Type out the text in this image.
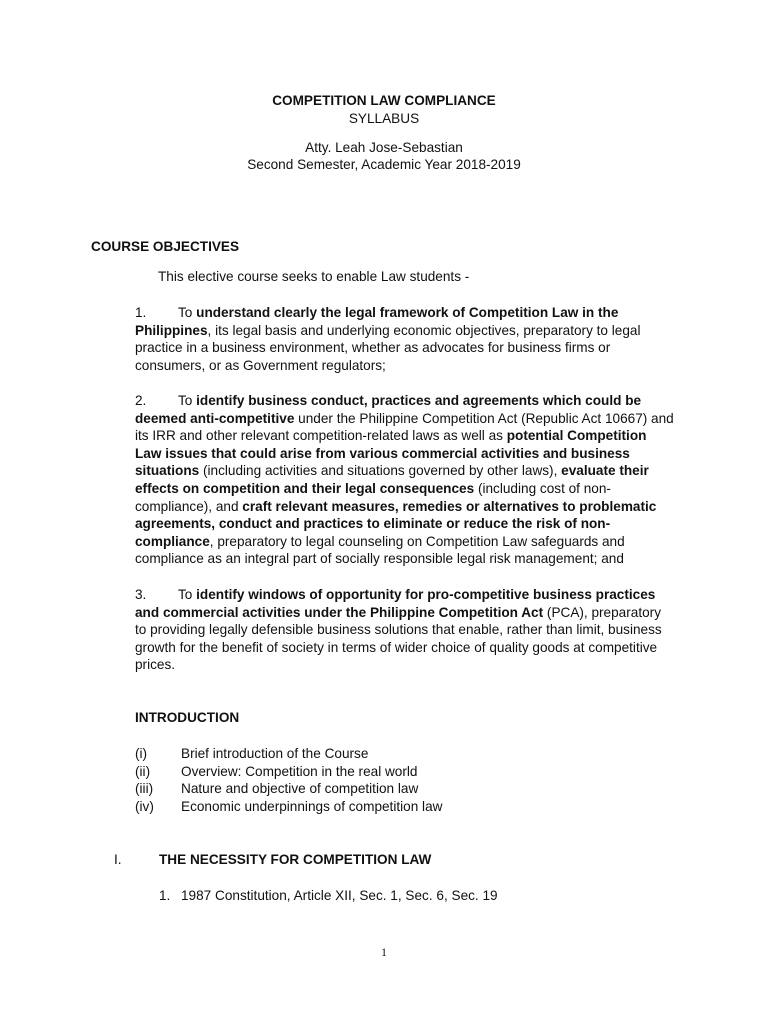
COMPETITION LAW COMPLIANCE
SYLLABUS
Atty. Leah Jose-Sebastian
Second Semester, Academic Year 2018-2019
COURSE OBJECTIVES
This elective course seeks to enable Law students -
1. To understand clearly the legal framework of Competition Law in the Philippines, its legal basis and underlying economic objectives, preparatory to legal practice in a business environment, whether as advocates for business firms or consumers, or as Government regulators;
2. To identify business conduct, practices and agreements which could be deemed anti-competitive under the Philippine Competition Act (Republic Act 10667) and its IRR and other relevant competition-related laws as well as potential Competition Law issues that could arise from various commercial activities and business situations (including activities and situations governed by other laws), evaluate their effects on competition and their legal consequences (including cost of non-compliance), and craft relevant measures, remedies or alternatives to problematic agreements, conduct and practices to eliminate or reduce the risk of non-compliance, preparatory to legal counseling on Competition Law safeguards and compliance as an integral part of socially responsible legal risk management; and
3. To identify windows of opportunity for pro-competitive business practices and commercial activities under the Philippine Competition Act (PCA), preparatory to providing legally defensible business solutions that enable, rather than limit, business growth for the benefit of society in terms of wider choice of quality goods at competitive prices.
INTRODUCTION
(i)	Brief introduction of the Course
(ii)	Overview: Competition in the real world
(iii)	Nature and objective of competition law
(iv)	Economic underpinnings of competition law
I.	THE NECESSITY FOR COMPETITION LAW
1. 1987 Constitution, Article XII, Sec. 1, Sec. 6, Sec. 19
1
